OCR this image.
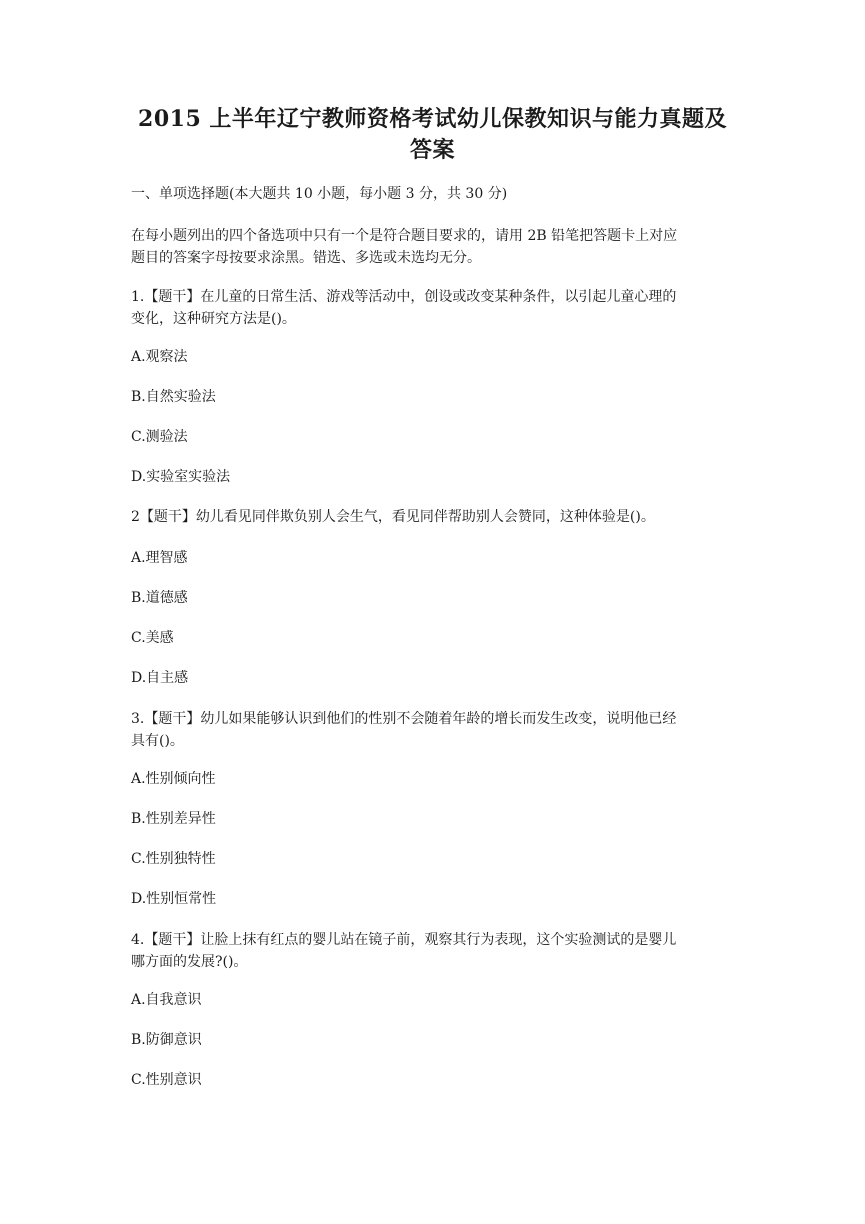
2015 上半年辽宁教师资格考试幼儿保教知识与能力真题及
答案
一、单项选择题(本大题共 10 小题，每小题 3 分，共 30 分)
在每小题列出的四个备选项中只有一个是符合题目要求的，请用 2B 铅笔把答题卡上对应
题目的答案字母按要求涂黑。错选、多选或未选均无分。
1.【题干】在儿童的日常生活、游戏等活动中，创设或改变某种条件，以引起儿童心理的
变化，这种研究方法是()。
A.观察法
B.自然实验法
C.测验法
D.实验室实验法
2【题干】幼儿看见同伴欺负别人会生气，看见同伴帮助别人会赞同，这种体验是()。
A.理智感
B.道德感
C.美感
D.自主感
3.【题干】幼儿如果能够认识到他们的性别不会随着年龄的增长而发生改变，说明他已经
具有()。
A.性别倾向性
B.性别差异性
C.性别独特性
D.性别恒常性
4.【题干】让脸上抹有红点的婴儿站在镜子前，观察其行为表现，这个实验测试的是婴儿
哪方面的发展?()。
A.自我意识
B.防御意识
C.性别意识
